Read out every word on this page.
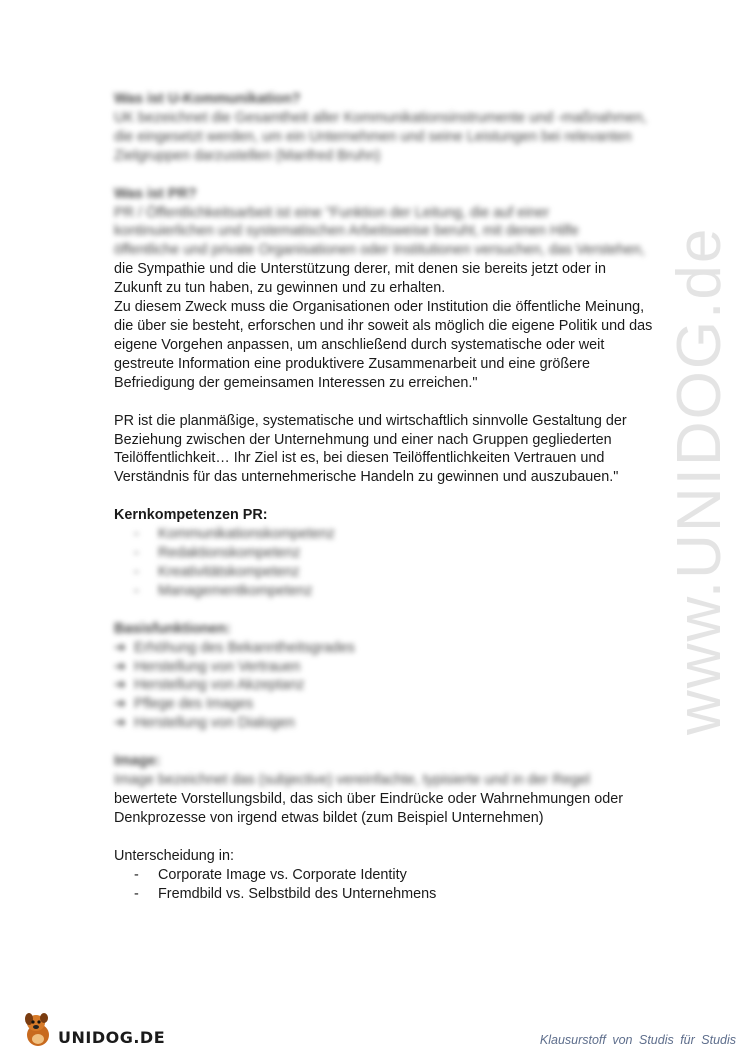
www.UNIDOG.de

Was ist U-Kommunikation?

UK bezeichnet die Gesamtheit aller Kommunikationsinstrumente und -maßnahmen,

die eingesetzt werden, um ein Unternehmen und seine Leistungen bei relevanten

Zielgruppen darzustellen (Manfred Bruhn)

Was ist PR?

PR / Öffentlichkeitsarbeit ist eine "Funktion der Leitung, die auf einer

kontinuierlichen und systematischen Arbeitsweise beruht, mit denen Hilfe

öffentliche und private Organisationen oder Institutionen versuchen, das Verstehen,

die Sympathie und die Unterstützung derer, mit denen sie bereits jetzt oder in

Zukunft zu tun haben, zu gewinnen und zu erhalten.

Zu diesem Zweck muss die Organisationen oder Institution die öffentliche Meinung,

die über sie besteht, erforschen und ihr soweit als möglich die eigene Politik und das

eigene Vorgehen anpassen, um anschließend durch systematische oder weit

gestreute Information eine produktivere Zusammenarbeit und eine größere

Befriedigung der gemeinsamen Interessen zu erreichen."

PR ist die planmäßige, systematische und wirtschaftlich sinnvolle Gestaltung der

Beziehung zwischen der Unternehmung und einer nach Gruppen gegliederten

Teilöffentlichkeit… Ihr Ziel ist es, bei diesen Teilöffentlichkeiten Vertrauen und

Verständnis für das unternehmerische Handeln zu gewinnen und auszubauen."

Kernkompetenzen PR:

- Kommunikationskompetenz
- Redaktionskompetenz
- Kreativitätskompetenz
- Managementkompetenz

Basisfunktionen:

➔ Erhöhung des Bekanntheitsgrades
➔ Herstellung von Vertrauen
➔ Herstellung von Akzeptanz
➔ Pflege des Images
➔ Herstellung von Dialogen

Image:

Image bezeichnet das (subjective) vereinfachte, typisierte und in der Regel

bewertete Vorstellungsbild, das sich über Eindrücke oder Wahrnehmungen oder

Denkprozesse von irgend etwas bildet (zum Beispiel Unternehmen)

Unterscheidung in:

- Corporate Image vs. Corporate Identity
- Fremdbild vs. Selbstbild des Unternehmens
UNIDOG.DE	Klausurstoff von Studis für Studis
